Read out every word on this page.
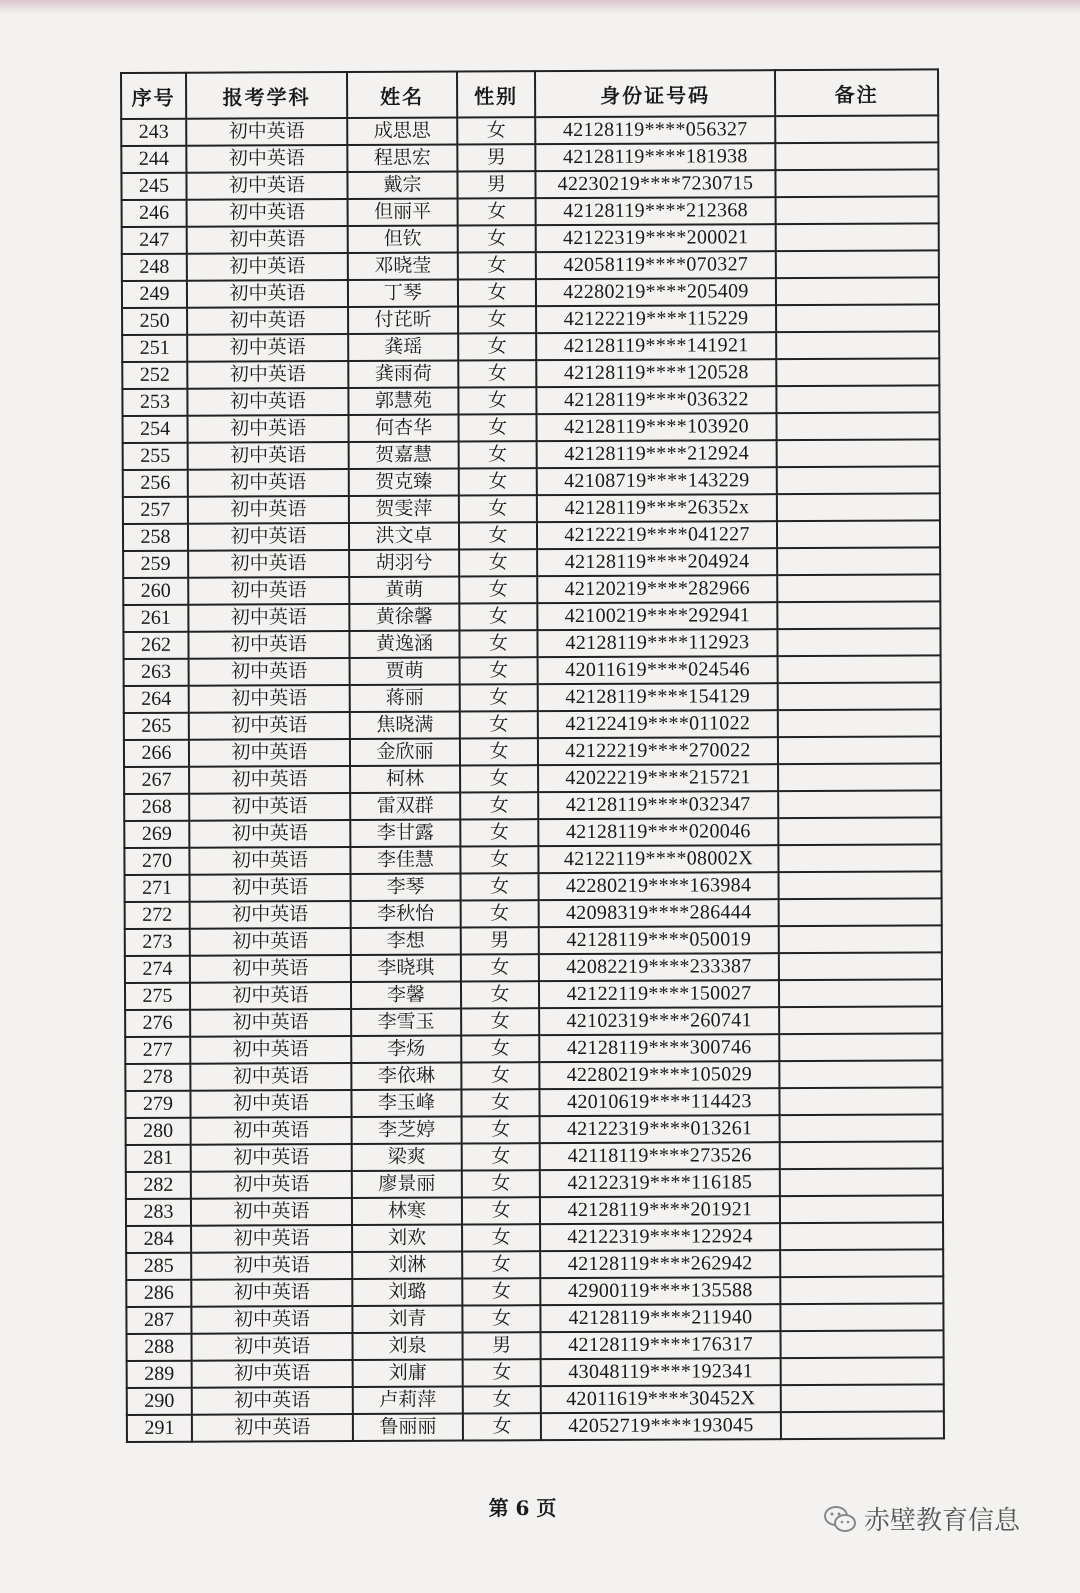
序号	报考学科	姓名	性别	身份证号码	备注
243	初中英语	成思思	女	42128119****056327	
244	初中英语	程思宏	男	42128119****181938	
245	初中英语	戴宗	男	42230219****7230715	
246	初中英语	但丽平	女	42128119****212368	
247	初中英语	但钦	女	42122319****200021	
248	初中英语	邓晓莹	女	42058119****070327	
249	初中英语	丁琴	女	42280219****205409	
250	初中英语	付芘昕	女	42122219****115229	
251	初中英语	龚瑶	女	42128119****141921	
252	初中英语	龚雨荷	女	42128119****120528	
253	初中英语	郭慧苑	女	42128119****036322	
254	初中英语	何杏华	女	42128119****103920	
255	初中英语	贺嘉慧	女	42128119****212924	
256	初中英语	贺克臻	女	42108719****143229	
257	初中英语	贺雯萍	女	42128119****26352x	
258	初中英语	洪文卓	女	42122219****041227	
259	初中英语	胡羽兮	女	42128119****204924	
260	初中英语	黄萌	女	42120219****282966	
261	初中英语	黄徐馨	女	42100219****292941	
262	初中英语	黄逸涵	女	42128119****112923	
263	初中英语	贾萌	女	42011619****024546	
264	初中英语	蒋丽	女	42128119****154129	
265	初中英语	焦晓满	女	42122419****011022	
266	初中英语	金欣丽	女	42122219****270022	
267	初中英语	柯林	女	42022219****215721	
268	初中英语	雷双群	女	42128119****032347	
269	初中英语	李甘露	女	42128119****020046	
270	初中英语	李佳慧	女	42122119****08002X	
271	初中英语	李琴	女	42280219****163984	
272	初中英语	李秋怡	女	42098319****286444	
273	初中英语	李想	男	42128119****050019	
274	初中英语	李晓琪	女	42082219****233387	
275	初中英语	李馨	女	42122119****150027	
276	初中英语	李雪玉	女	42102319****260741	
277	初中英语	李炀	女	42128119****300746	
278	初中英语	李依琳	女	42280219****105029	
279	初中英语	李玉峰	女	42010619****114423	
280	初中英语	李芝婷	女	42122319****013261	
281	初中英语	梁爽	女	42118119****273526	
282	初中英语	廖景丽	女	42122319****116185	
283	初中英语	林寒	女	42128119****201921	
284	初中英语	刘欢	女	42122319****122924	
285	初中英语	刘淋	女	42128119****262942	
286	初中英语	刘璐	女	42900119****135588	
287	初中英语	刘青	女	42128119****211940	
288	初中英语	刘泉	男	42128119****176317	
289	初中英语	刘庸	女	43048119****192341	
290	初中英语	卢莉萍	女	42011619****30452X	
291	初中英语	鲁丽丽	女	42052719****193045	
第 6 页	赤壁教育信息
